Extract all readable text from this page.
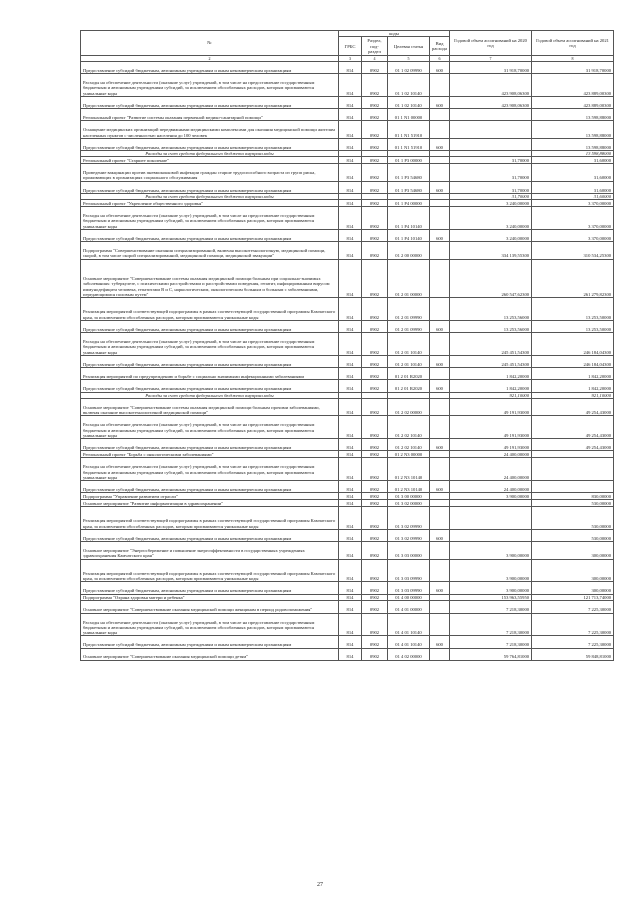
№	коды				Годовой объем ассигнований на 2020 год	Годовой объем ассигнований на 2021 год
	ГРБС	Раздел, под-раздел	Целевая статья	Вид расхода		
2	3	4	5	6	7	8
Предоставление субсидий бюджетным, автономным учреждениям и иным некоммерческим организациям	814	0902	01 1 02 09990	600	31 918,70000	31 918,70000
Расходы на обеспечение деятельности (оказание услуг) учреждений, в том числе на предоставление государственным бюджетным и автономным учреждениям субсидий, за исключением обособленных расходов, которым присваиваются уникальные коды	814	0902	01 1 02 10140		423 908,06300	423 889,00300
Предоставление субсидий бюджетным, автономным учреждениям и иным некоммерческим организациям	814	0902	01 1 02 10140	600	423 908,06300	423 889,00300
Региональный проект "Развитие системы оказания первичной медико-санитарной помощи"	814	0902	01 1 N1 00000			13 598,88000
Оснащение медицинских организаций передвижными медицинскими комплексами для оказания медицинской помощи жителям населенных пунктов с численностью населения до 100 человек	814	0902	01 1 N1 51910			13 598,88000
Предоставление субсидий бюджетным, автономным учреждениям и иным некоммерческим организациям	814	0902	01 1 N1 51910	600		13 598,88000
Расходы за счет средств федерального бюджета вмуправл.коды						13 598,88000
Региональный проект "Старшее поколение"	814	0902	01 1 P3 00000		31,70000	31,60000
Проведение вакцинации против пневмококковой инфекции граждан старше трудоспособного возраста из групп риска, проживающих в организациях социального обслуживания	814	0902	01 1 P3 54680		31,70000	31,60000
Предоставление субсидий бюджетным, автономным учреждениям и иным некоммерческим организациям	814	0902	01 1 P3 54680	600	31,70000	31,60000
Расходы за счет средств федерального бюджета вмуправл.коды					31,70000	31,60000
Региональный проект "Укрепление общественного здоровья"	814	0902	01 1 P4 00000		3 240,00000	3 370,00000
Расходы на обеспечение деятельности (оказание услуг) учреждений, в том числе на предоставление государственным бюджетным и автономным учреждениям субсидий, за исключением обособленных расходов, которым присваиваются уникальные коды	814	0902	01 1 P4 10140		3 240,00000	3 370,00000
Предоставление субсидий бюджетным, автономным учреждениям и иным некоммерческим организациям	814	0902	01 1 P4 10140	600	3 240,00000	3 370,00000
Подпрограмма "Совершенствование оказания специализированной, включая высокотехнологичную, медицинской помощи, скорой, в том числе скорой специализированной, медицинской помощи, медицинской эвакуации"	814	0902	01 2 00 00000		334 139,55300	310 534,25300
Основное мероприятие "Совершенствование системы оказания медицинской помощи больным при социально-значимых заболеваниях: туберкулезе, с психическими расстройствами и расстройствами поведения, гепатит, инфицированным вирусом иммунодефицита человека, гепатитами В и С, наркологическим, онкологическим больным и больным с заболеваниями, передающимися половым путем"	814	0902	01 2 01 00000		260 547,62300	261 279,82300
Реализация мероприятий соответствующей подпрограммы в рамках соответствующей государственной программы Камчатского края, за исключением обособленных расходов, которым присваиваются уникальные коды	814	0902	01 2 01 09990		13 253,56000	13 253,50000
Предоставление субсидий бюджетным, автономным учреждениям и иным некоммерческим организациям	814	0902	01 2 01 09990	600	13 253,56000	13 253,50000
Расходы на обеспечение деятельности (оказание услуг) учреждений, в том числе на предоставление государственным бюджетным и автономным учреждениям субсидий, за исключением обособленных расходов, которым присваиваются уникальные коды	814	0902	01 2 01 10140		245 451,54300	246 184,04300
Предоставление субсидий бюджетным, автономным учреждениям и иным некоммерческим организациям	814	0902	01 2 01 10140	600	245 451,54300	246 184,04300
Реализация мероприятий по предупреждению и борьбе с социально значимыми инфекционными заболеваниями	814	0902	01 2 01 R2020		1 842,20000	1 842,20000
Предоставление субсидий бюджетным, автономным учреждениям и иным некоммерческим организациям	814	0902	01 2 01 R2020	600	1 842,20000	1 842,20000
Расходы за счет средств федерального бюджета вмуправл.коды					921,10000	921,10000
Основное мероприятие "Совершенствование системы оказания медицинской помощи больным прочими заболеваниями, включая оказание высокотехнологичной медицинской помощи"	814	0902	01 2 02 00000		49 191,93000	49 254,43000
Расходы на обеспечение деятельности (оказание услуг) учреждений, в том числе на предоставление государственным бюджетным и автономным учреждениям субсидий, за исключением обособленных расходов, которым присваиваются уникальные коды	814	0902	01 2 02 10140		49 191,93000	49 254,43000
Предоставление субсидий бюджетным, автономным учреждениям и иным некоммерческим организациям	814	0902	01 2 02 10140	600	49 191,93000	49 254,43000
Региональный проект "Борьба с онкологическими заболеваниями"	814	0902	01 2 N3 00000		24 400,00000	
Расходы на обеспечение деятельности (оказание услуг) учреждений, в том числе на предоставление государственным бюджетным и автономным учреждениям субсидий, за исключением обособленных расходов, которым присваиваются уникальные коды	814	0902	01 2 N3 10140		24 400,00000	
Предоставление субсидий бюджетным, автономным учреждениям и иным некоммерческим организациям	814	0902	01 2 N3 10140	600	24 400,00000	
Подпрограмма "Управление развитием отрасли"	814	0902	01 3 00 00000		3 900,00000	830,00000
Основное мероприятие "Развитие информатизации в здравоохранении"	814	0902	01 3 02 00000			530,00000
Реализация мероприятий соответствующей подпрограммы в рамках соответствующей государственной программы Камчатского края, за исключением обособленных расходов, которым присваиваются уникальные коды	814	0902	01 3 02 09990			530,00000
Предоставление субсидий бюджетным, автономным учреждениям и иным некоммерческим организациям	814	0902	01 3 02 09990	600		530,00000
Основное мероприятие "Энергосбережение и повышение энергоэффективности в государственных учреждениях здравоохранения Камчатского края"	814	0902	01 3 03 00000		3 900,00000	300,00000
Реализация мероприятий соответствующей подпрограммы в рамках соответствующей государственной программы Камчатского края, за исключением обособленных расходов, которым присваиваются уникальные коды	814	0902	01 3 03 09990		3 900,00000	300,00000
Предоставление субсидий бюджетным, автономным учреждениям и иным некоммерческим организациям	814	0902	01 3 03 09990	600	3 900,00000	300,00000
Подпрограмма "Охрана здоровья матери и ребенка"	814	0902	01 4 00 00000		153 963,55950	121 713,74000
Основное мероприятие "Совершенствование оказания медицинской помощи женщинам в период родовспоможения"	814	0902	01 4 01 00000		7 218,30000	7 225,30000
Расходы на обеспечение деятельности (оказание услуг) учреждений, в том числе на предоставление государственным бюджетным и автономным учреждениям субсидий, за исключением обособленных расходов, которым присваиваются уникальные коды	814	0902	01 4 01 10140		7 218,30000	7 225,30000
Предоставление субсидий бюджетным, автономным учреждениям и иным некоммерческим организациям	814	0902	01 4 01 10140	600	7 218,30000	7 225,30000
Основное мероприятие "Совершенствование оказания медицинской помощи детям"	814	0902	01 4 02 00000		59 764,81000	59 848,81000
27
